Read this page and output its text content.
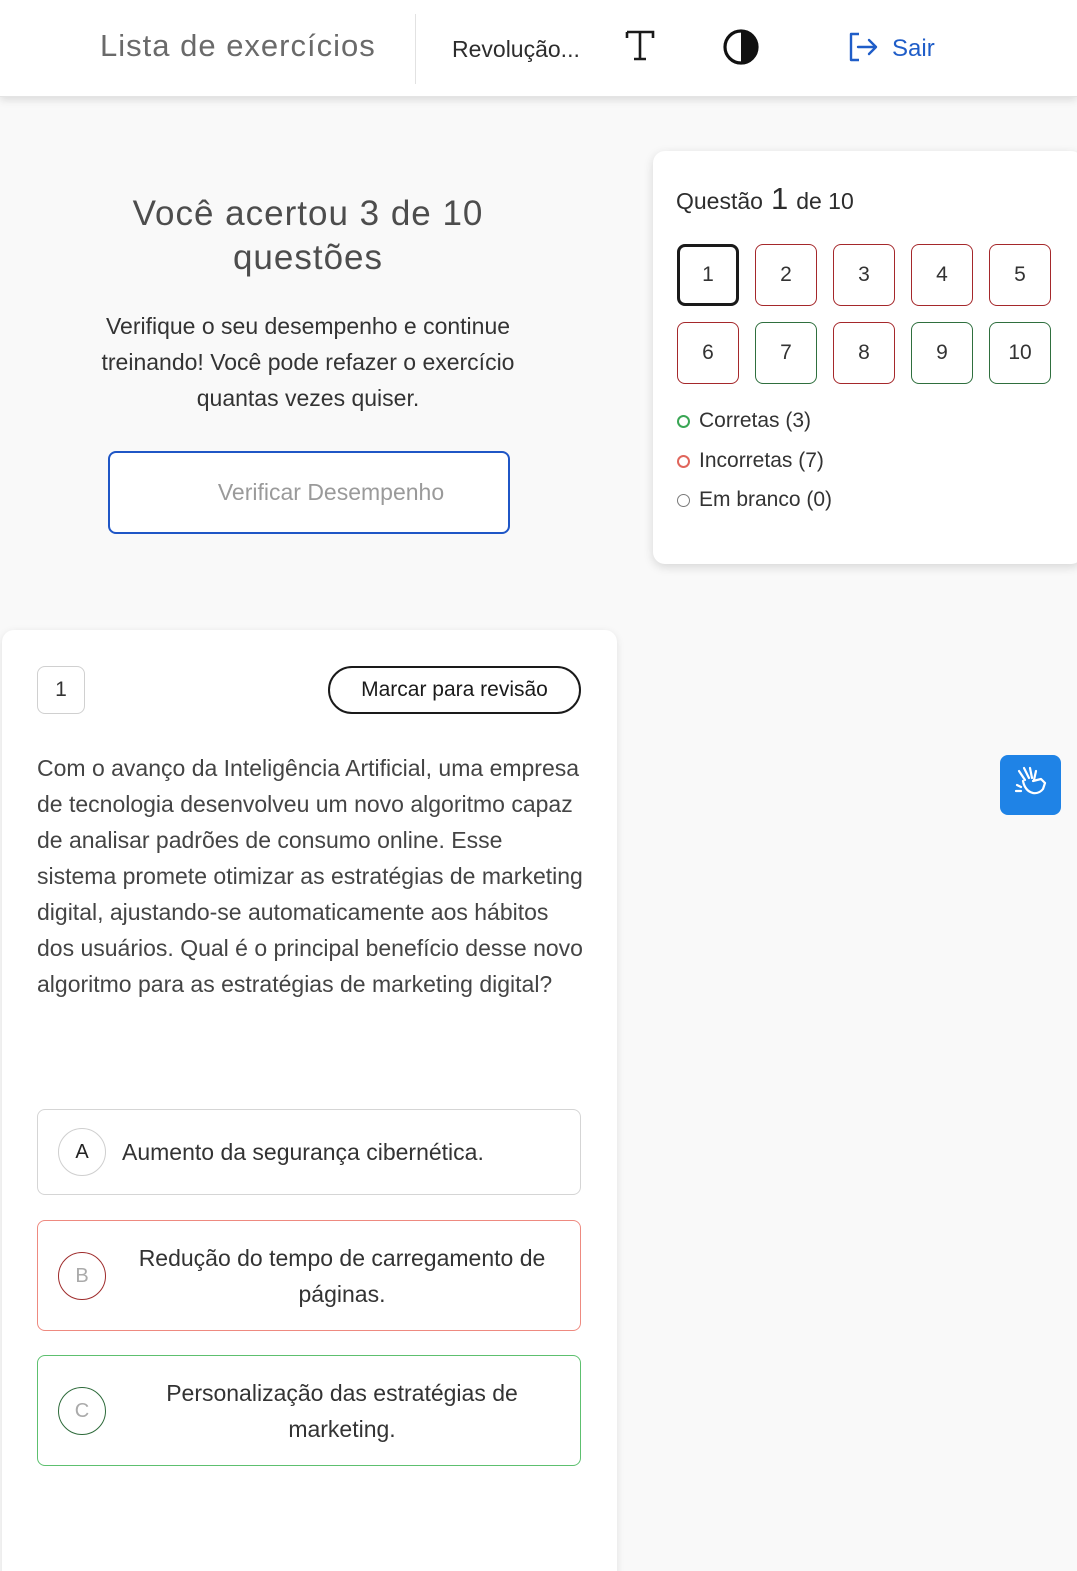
Lista de exercícios	Revolução...	Sair
Você acertou 3 de 10 questões
Verifique o seu desempenho e continue treinando! Você pode refazer o exercício quantas vezes quiser.
Verificar Desempenho
Questão 1 de 10
1	2	3	4	5
6	7	8	9	10
Corretas (3)
Incorretas (7)
Em branco (0)
1	Marcar para revisão
Com o avanço da Inteligência Artificial, uma empresa de tecnologia desenvolveu um novo algoritmo capaz de analisar padrões de consumo online. Esse sistema promete otimizar as estratégias de marketing digital, ajustando-se automaticamente aos hábitos dos usuários. Qual é o principal benefício desse novo algoritmo para as estratégias de marketing digital?
A	Aumento da segurança cibernética.
B
Redução do tempo de carregamento de páginas.
C
Personalização das estratégias de marketing.
